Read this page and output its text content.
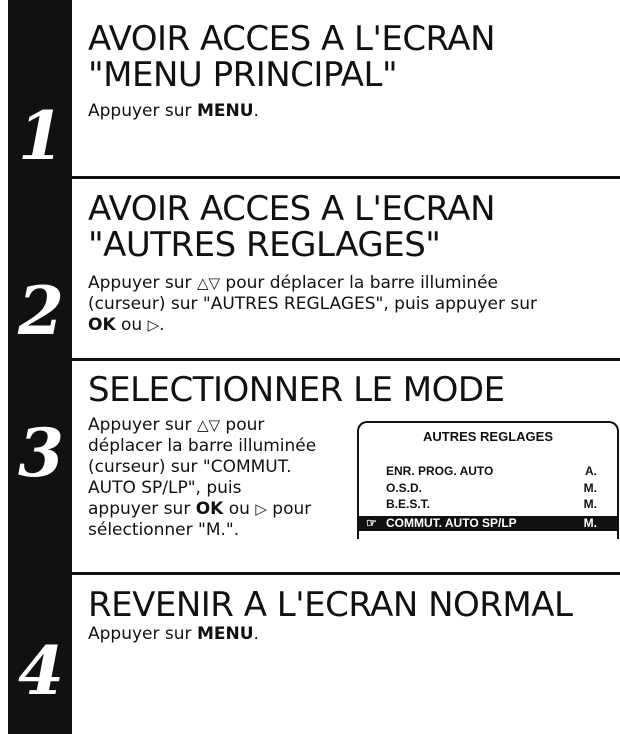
1
AVOIR ACCES A L'ECRAN
"MENU PRINCIPAL"
Appuyer sur MENU.
2
AVOIR ACCES A L'ECRAN
"AUTRES REGLAGES"
Appuyer sur △▽ pour déplacer la barre illuminée
(curseur) sur "AUTRES REGLAGES", puis appuyer sur
OK ou ▷.
3
SELECTIONNER LE MODE
Appuyer sur △▽ pour
déplacer la barre illuminée
(curseur) sur "COMMUT.
AUTO SP/LP", puis
appuyer sur OK ou ▷ pour
sélectionner "M.".
AUTRES REGLAGES
ENR. PROG. AUTO	A.
O.S.D.	M.
B.E.S.T.	M.
☞ COMMUT. AUTO SP/LP	M.
4
REVENIR A L'ECRAN NORMAL
Appuyer sur MENU.
